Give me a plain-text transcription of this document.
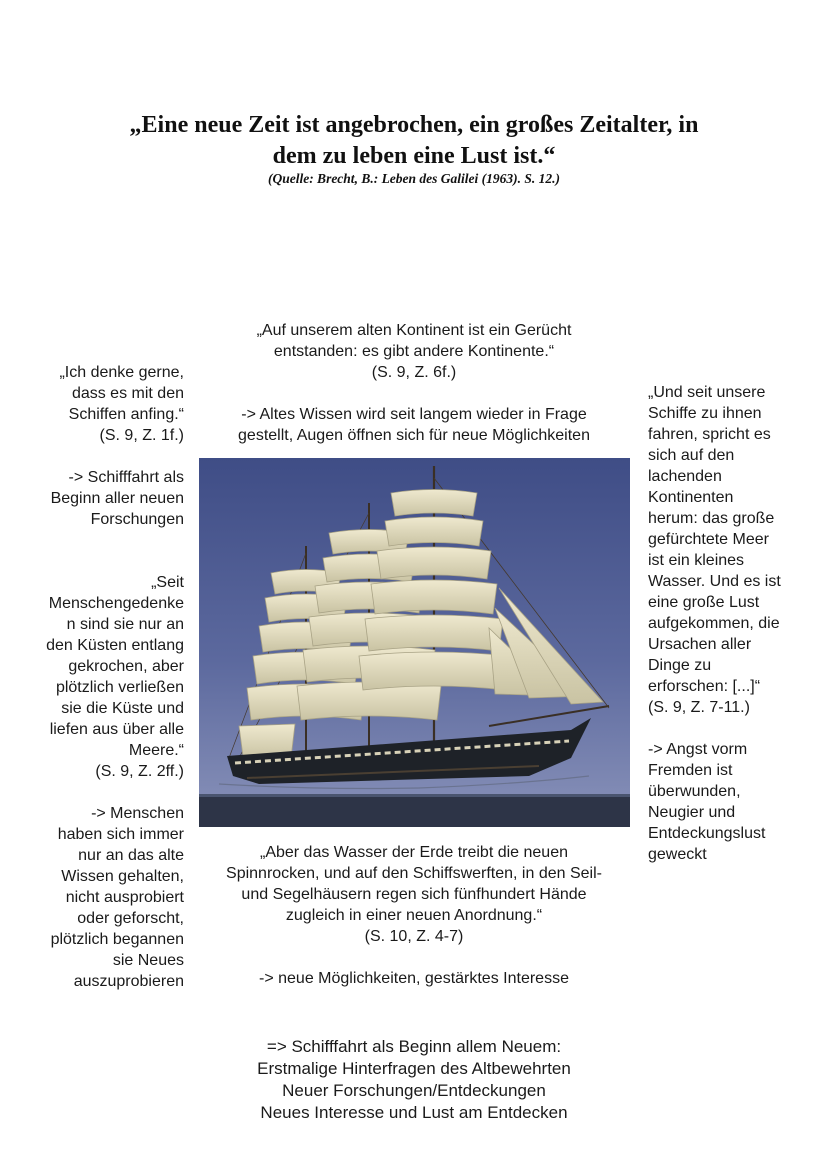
„Eine neue Zeit ist angebrochen, ein großes Zeitalter, in
dem zu leben eine Lust ist.“

(Quelle: Brecht, B.: Leben des Galilei (1963). S. 12.)

„Auf unserem alten Kontinent ist ein Gerücht
entstanden: es gibt andere Kontinente.“
(S. 9, Z. 6f.)

-> Altes Wissen wird seit langem wieder in Frage
gestellt, Augen öffnen sich für neue Möglichkeiten

„Ich denke gerne,
dass es mit den
Schiffen anfing.“
(S. 9, Z. 1f.)

-> Schifffahrt als
Beginn aller neuen
Forschungen

„Seit
Menschengedenke
n sind sie nur an
den Küsten entlang
gekrochen, aber
plötzlich verließen
sie die Küste und
liefen aus über alle
Meere.“
(S. 9, Z. 2ff.)

-> Menschen
haben sich immer
nur an das alte
Wissen gehalten,
nicht ausprobiert
oder geforscht,
plötzlich begannen
sie Neues
auszuprobieren

„Und seit unsere
Schiffe zu ihnen
fahren, spricht es
sich auf den
lachenden
Kontinenten
herum: das große
gefürchtete Meer
ist ein kleines
Wasser. Und es ist
eine große Lust
aufgekommen, die
Ursachen aller
Dinge zu
erforschen: [...]“
(S. 9, Z. 7-11.)

-> Angst vorm
Fremden ist
überwunden,
Neugier und
Entdeckungslust
geweckt

„Aber das Wasser der Erde treibt die neuen
Spinnrocken, und auf den Schiffswerften, in den Seil-
und Segelhäusern regen sich fünfhundert Hände
zugleich in einer neuen Anordnung.“
(S. 10, Z. 4-7)

-> neue Möglichkeiten, gestärktes Interesse

=> Schifffahrt als Beginn allem Neuem:
Erstmalige Hinterfragen des Altbewehrten
Neuer Forschungen/Entdeckungen
Neues Interesse und Lust am Entdecken
